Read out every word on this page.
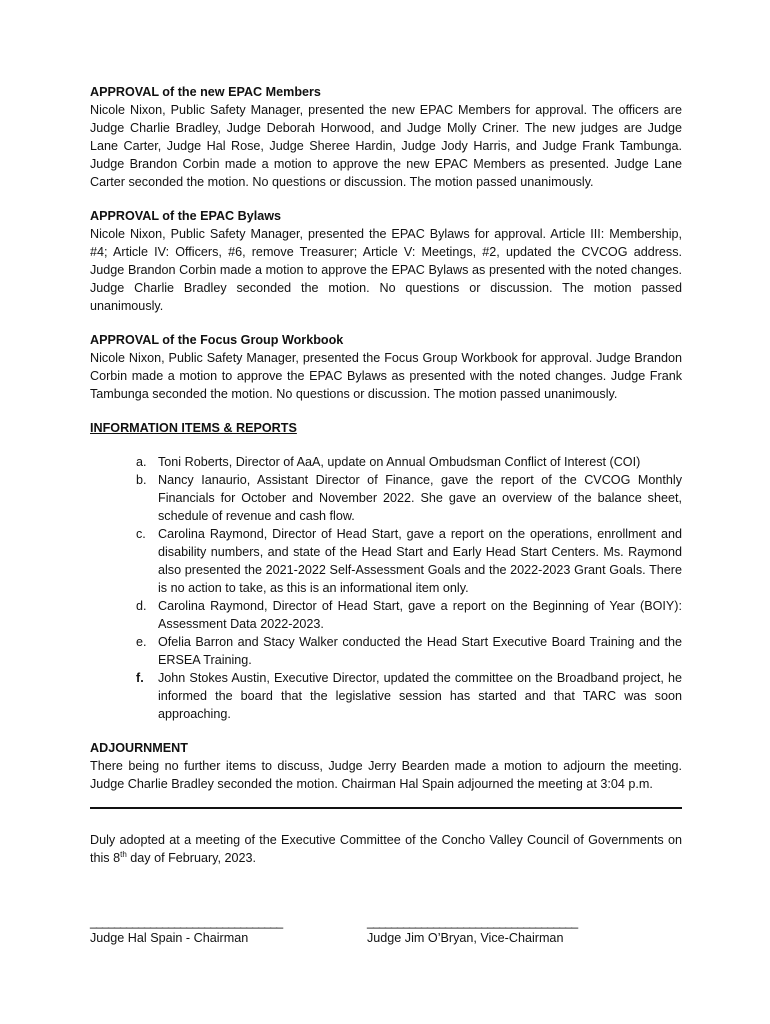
APPROVAL of the new EPAC Members

Nicole Nixon, Public Safety Manager, presented the new EPAC Members for approval. The officers are Judge Charlie Bradley, Judge Deborah Horwood, and Judge Molly Criner. The new judges are Judge Lane Carter, Judge Hal Rose, Judge Sheree Hardin, Judge Jody Harris, and Judge Frank Tambunga. Judge Brandon Corbin made a motion to approve the new EPAC Members as presented. Judge Lane Carter seconded the motion. No questions or discussion. The motion passed unanimously.

APPROVAL of the EPAC Bylaws

Nicole Nixon, Public Safety Manager, presented the EPAC Bylaws for approval. Article III: Membership, #4; Article IV: Officers, #6, remove Treasurer; Article V: Meetings, #2, updated the CVCOG address. Judge Brandon Corbin made a motion to approve the EPAC Bylaws as presented with the noted changes. Judge Charlie Bradley seconded the motion. No questions or discussion. The motion passed unanimously.

APPROVAL of the Focus Group Workbook

Nicole Nixon, Public Safety Manager, presented the Focus Group Workbook for approval. Judge Brandon Corbin made a motion to approve the EPAC Bylaws as presented with the noted changes. Judge Frank Tambunga seconded the motion. No questions or discussion. The motion passed unanimously.

INFORMATION ITEMS & REPORTS

a. Toni Roberts, Director of AaA, update on Annual Ombudsman Conflict of Interest (COI)
b. Nancy Ianaurio, Assistant Director of Finance, gave the report of the CVCOG Monthly Financials for October and November 2022. She gave an overview of the balance sheet, schedule of revenue and cash flow.
c. Carolina Raymond, Director of Head Start, gave a report on the operations, enrollment and disability numbers, and state of the Head Start and Early Head Start Centers. Ms. Raymond also presented the 2021-2022 Self-Assessment Goals and the 2022-2023 Grant Goals. There is no action to take, as this is an informational item only.
d. Carolina Raymond, Director of Head Start, gave a report on the Beginning of Year (BOIY): Assessment Data 2022-2023.
e. Ofelia Barron and Stacy Walker conducted the Head Start Executive Board Training and the ERSEA Training.
f. John Stokes Austin, Executive Director, updated the committee on the Broadband project, he informed the board that the legislative session has started and that TARC was soon approaching.

ADJOURNMENT

There being no further items to discuss, Judge Jerry Bearden made a motion to adjourn the meeting. Judge Charlie Bradley seconded the motion. Chairman Hal Spain adjourned the meeting at 3:04 p.m.

Duly adopted at a meeting of the Executive Committee of the Concho Valley Council of Governments on this 8th day of February, 2023.

________________________________
Judge Hal Spain - Chairman
___________________________________
Judge Jim O’Bryan, Vice-Chairman
